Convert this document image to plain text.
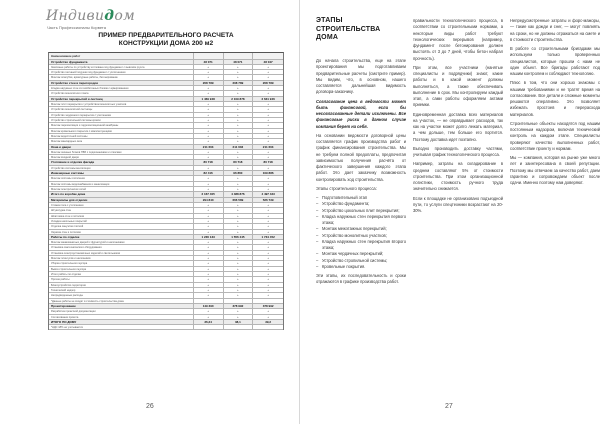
Индивидом
Часть Профессионалы Корвета
ПРИМЕР ПРЕДВАРИТЕЛЬНОГО РАСЧЕТА
КОНСТРУКЦИИ ДОМА 200 м2
Наименование работ
Устройство фундамента	48 071	48 071	48 047
Земляные работы по устройству котлована под фундамент с вывозом грунта	+	+	+
Устройство песчаной подушки под фундамент с уплотнением	+	+	+
Монтаж опалубки, арматурные работы, бетонирование	+	+	+
Устройство стен и перегородок	208 789	208 789	208 789
Кладка наружных стен из газобетонных блоков с армированием	+	+	+
Устройство монолитного пояса	+	+	+
Устройство перекрытий и лестниц	1 469 948	2 109 878	2 631 946
Монтаж плит перекрытия с устройством монолитных участков	+	+	+
Устройство монолитной лестницы	+	+	+
Устройство чердачного перекрытия с утеплением	+	+	+
Устройство стропильной системы кровли	+	+	+
Монтаж пароизоляции и гидроизоляционной мембраны	+	+	+
Монтаж кровельного покрытия с комплектующими	+	+	+
Монтаж водосточной системы	+	+	+
Монтаж мансардных окон	+	+	+
Окна и двери	211 603	211 603	211 603
Монтаж оконных блоков ПВХ с подоконниками и откосами	+	+	+
Монтаж входной двери	+	+	+
Утепление и отделка фасада	80 718	80 718	80 718
Устройство системы вентиляции	+	+	+
Инженерные системы	82 416	96 860	109 886
Монтаж системы отопления	+	+	+
Монтаж системы водоснабжения и канализации	+	+	+
Монтаж электрических сетей	+	+	+
Итого по коробке дома	2 167 405	4 488 876	4 497 423
Материалы для отделки	294 840	666 589	526 739
Стяжка пола с утеплением	+	+	+
Штукатурка стен	+	+	+
Шпатлевка стен и потолков	+	+	+
Укладка напольных покрытий	+	+	+
Отделка санузлов плиткой	+	+	+
Окраска стен и потолков	+	+	+
Работы по отделке	1 236 133	1 556 445	1 734 452
Монтаж межкомнатных дверей с фурнитурой и наличниками	+	+	+
Установка сантехнического оборудования	+	+	+
Установка электроустановочных изделий и светильников	+	+	+
Монтаж плинтусов и наличников	+	+	+
Уборка строительного мусора	+	+	+
Вывоз строительного мусора	+	+	+
Итого работы по отделке	+	+	+
Прочие работы	+	+	+
Благоустройство территории	+	+	+
Технический надзор	+	+	+
Непредвиденные расходы	+	+	+
*Данные работы не входят в стоимость строительства дома
Проектирование	149 390	378 992	378 992
Разработка проектной документации	+	+	+
Согласование проекта	+	+	+
ИТОГО ПО ДОМУ	36,24	38,1	39,2
*НДС 18% не учитывается
26
ЭТАПЫ
СТРОИТЕЛЬСТВА
ДОМА

До начала строительства, еще на этапе проектирования мы подготавливаем предварительные расчеты (смотрите пример). Мы видим, что, в основном, нашего составляется дальнейшая видимость договора-заказчику.

Согласование цена в ведомости может быть финансовой, если бы несогласованные детали исключены. Все финансовые риски в данном случае компания берет на себя.

На основании ведомости договорной цены составляется график производства работ и график финансирования строительства. Мы не требуем полной предоплаты, предпочитая зависимостью получения расчёта от фактического завершения каждого этапа работ. Это дает заказчику возможность контролировать ход строительства.

Этапы строительного процесса:

– Подготовительный этап
– Устройство фундамента;
– Устройство цокольных плит перекрытия;
– Кладка наружных стен перекрытия первого этажа;
– Монтаж межэтажных перекрытий;
– Устройство монолитных участков;
– Кладка наружных стен перекрытия второго этажа;
– Монтаж чердачных перекрытий;
– Устройство стропильной системы;
– Кровельные покрытия.

Эти этапы, их последовательность и сроки отражаются в графике производства работ.

правильности технологического процесса, в соответствии со строительными нормами, а некоторые виды работ требуют технологических перерывов (например, фундамент после бетонирования должен выстоять от 3 до 7 дней, чтобы бетон набрал прочность).

При этом, все участники (нанятые специалисты и подрядчики) знают, какие работы и в какой момент должны выполняться, а также обеспечивать выполнение в срок. Мы контролируем каждый этап, а сами работы оформляем актами приемки.

Единовременная доставка всех материалов на участок, — не оправдывает расходов, так как на участке может долго лежать материал, а чем дольше, тем больше его портится. Поэтому доставка идет поэтапно.

Выгодно производить доставку частями, учитывая график технологического процесса.

Например, затраты на складирование в среднем составляют 5% от стоимости строительства. При этом организационной логистики, стоимость ручного труда значительно снижается.

Если к площадке не организовано подъездной пути, то услуги спецтехники возрастают на 20-30%.

Непредусмотренные затраты и форс-мажоры, — такие как дожди и снег, — могут повлиять на сроки, но не должны отражаться на смете и в стоимости строительства.

В работе со строительными бригадами мы используем только проверенных специалистов, которые прошли с нами не один объект. Все бригады работают под нашим контролем и соблюдают технологию.

Плюс в том, что они хорошо знакомы с нашими требованиями и не тратят время на согласование. Все детали и сложные моменты решаются оперативно. Это позволяет избежать простоев и перерасхода материалов.

Строительные объекты находятся под нашим постоянным надзором, включая технический контроль на каждом этапе. Специалисты проверяют качество выполненных работ, соответствие проекту и нормам.

Мы — компания, которая на рынке уже много лет и заинтересована в своей репутации. Поэтому мы отвечаем за качество работ, даем гарантию и сопровождаем объект после сдачи. Именно поэтому нам доверяют.

27
